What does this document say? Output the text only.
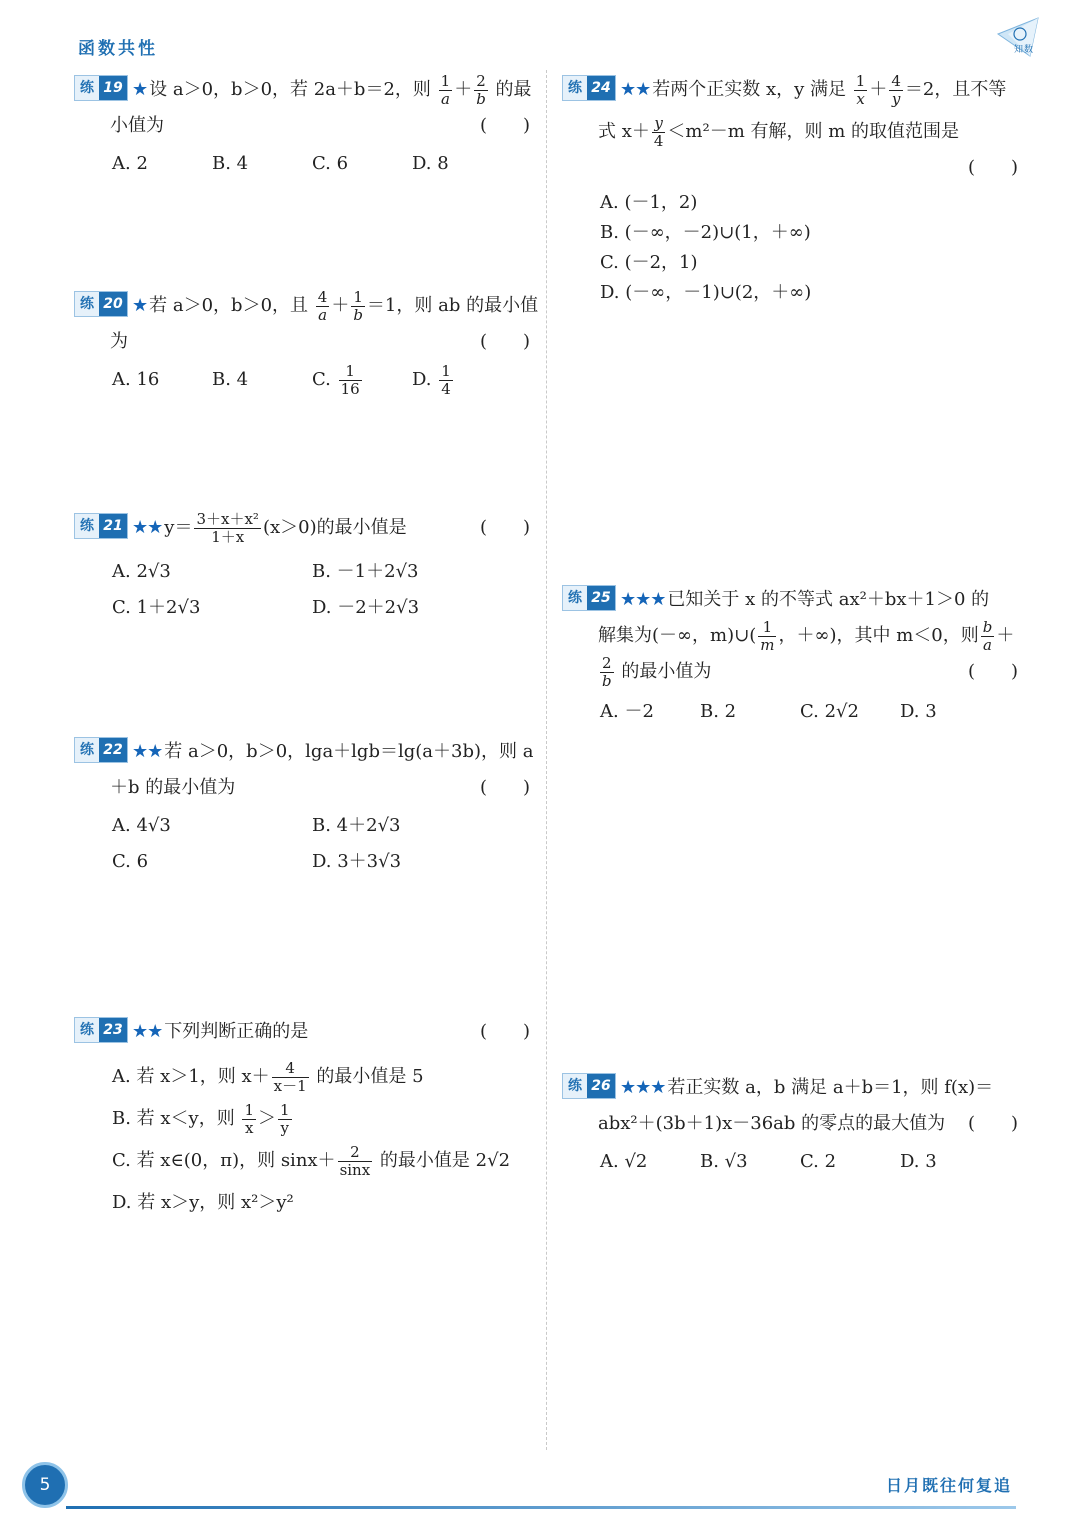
函数共性	知 数
练 19 ★ 设 a＞0，b＞0，若 2a＋b＝2，则 $\frac{1}{a} + \frac{2}{b}$ 的最
小值为	(　　)
A. 2	B. 4	C. 6	D. 8
练 20 ★ 若 a＞0，b＞0，且 $\frac{4}{a} + \frac{1}{b} =1$，则 ab 的最小值
为	(　　)
A. 16	B. 4	C. $\frac{1}{16}$	D. $\frac{1}{4}$
练 21 ★★ $y= \frac{\text{3＋x＋x²}}{1+x} (x>0)$的最小值是	(　　)
A. 2√3	B. －1＋2√3
C. 1＋2√3	D. －2＋2√3
练 22 ★★ 若 a＞0，b＞0，lga＋lgb＝lg(a＋3b)，则 a
＋b 的最小值为	(　　)
A. 4√3	B. 4＋2√3
C. 6	D. 3＋3√3
练 23 ★★ 下列判断正确的是	(　　)
A. 若 x＞1，则 $x+ \frac{4}{x-1}$ 的最小值是 5
B. 若 x＜y，则 $\frac{1}{x} > \frac{1}{y}$
C. 若 x∈(0，π)，则 $\sin x+ \frac{2}{\sin x}$ 的最小值是 2√2
D. 若 x＞y，则 x²＞y²
练 24 ★★ 若两个正实数 x，y 满足 $\frac{1}{x} + \frac{4}{y} =2$，且不等
式 $x+ \frac{y}{4} <m^2-m$ 有解，则 m 的取值范围是
(　　)

A. (－1，2)
B. (－∞，－2)∪(1，＋∞)
C. (－2，1)
D. (－∞，－1)∪(2，＋∞)
练 25 ★★★ 已知关于 x 的不等式 ax²＋bx＋1＞0 的
解集为(－∞，m)∪( $\frac{1}{m}$ ，＋∞)，其中 m＜0，则 $\frac{b}{a}$ ＋
$\frac{2}{b}$ 的最小值为	(　　)
A. －2	B. 2	C. 2√2	D. 3
练 26 ★★★ 若正实数 a，b 满足 a＋b＝1，则 f(x)＝
abx²＋(3b＋1)x－36ab 的零点的最大值为 (　　)
A. √2	B. √3	C. 2	D. 3
5	日月既往何复追
